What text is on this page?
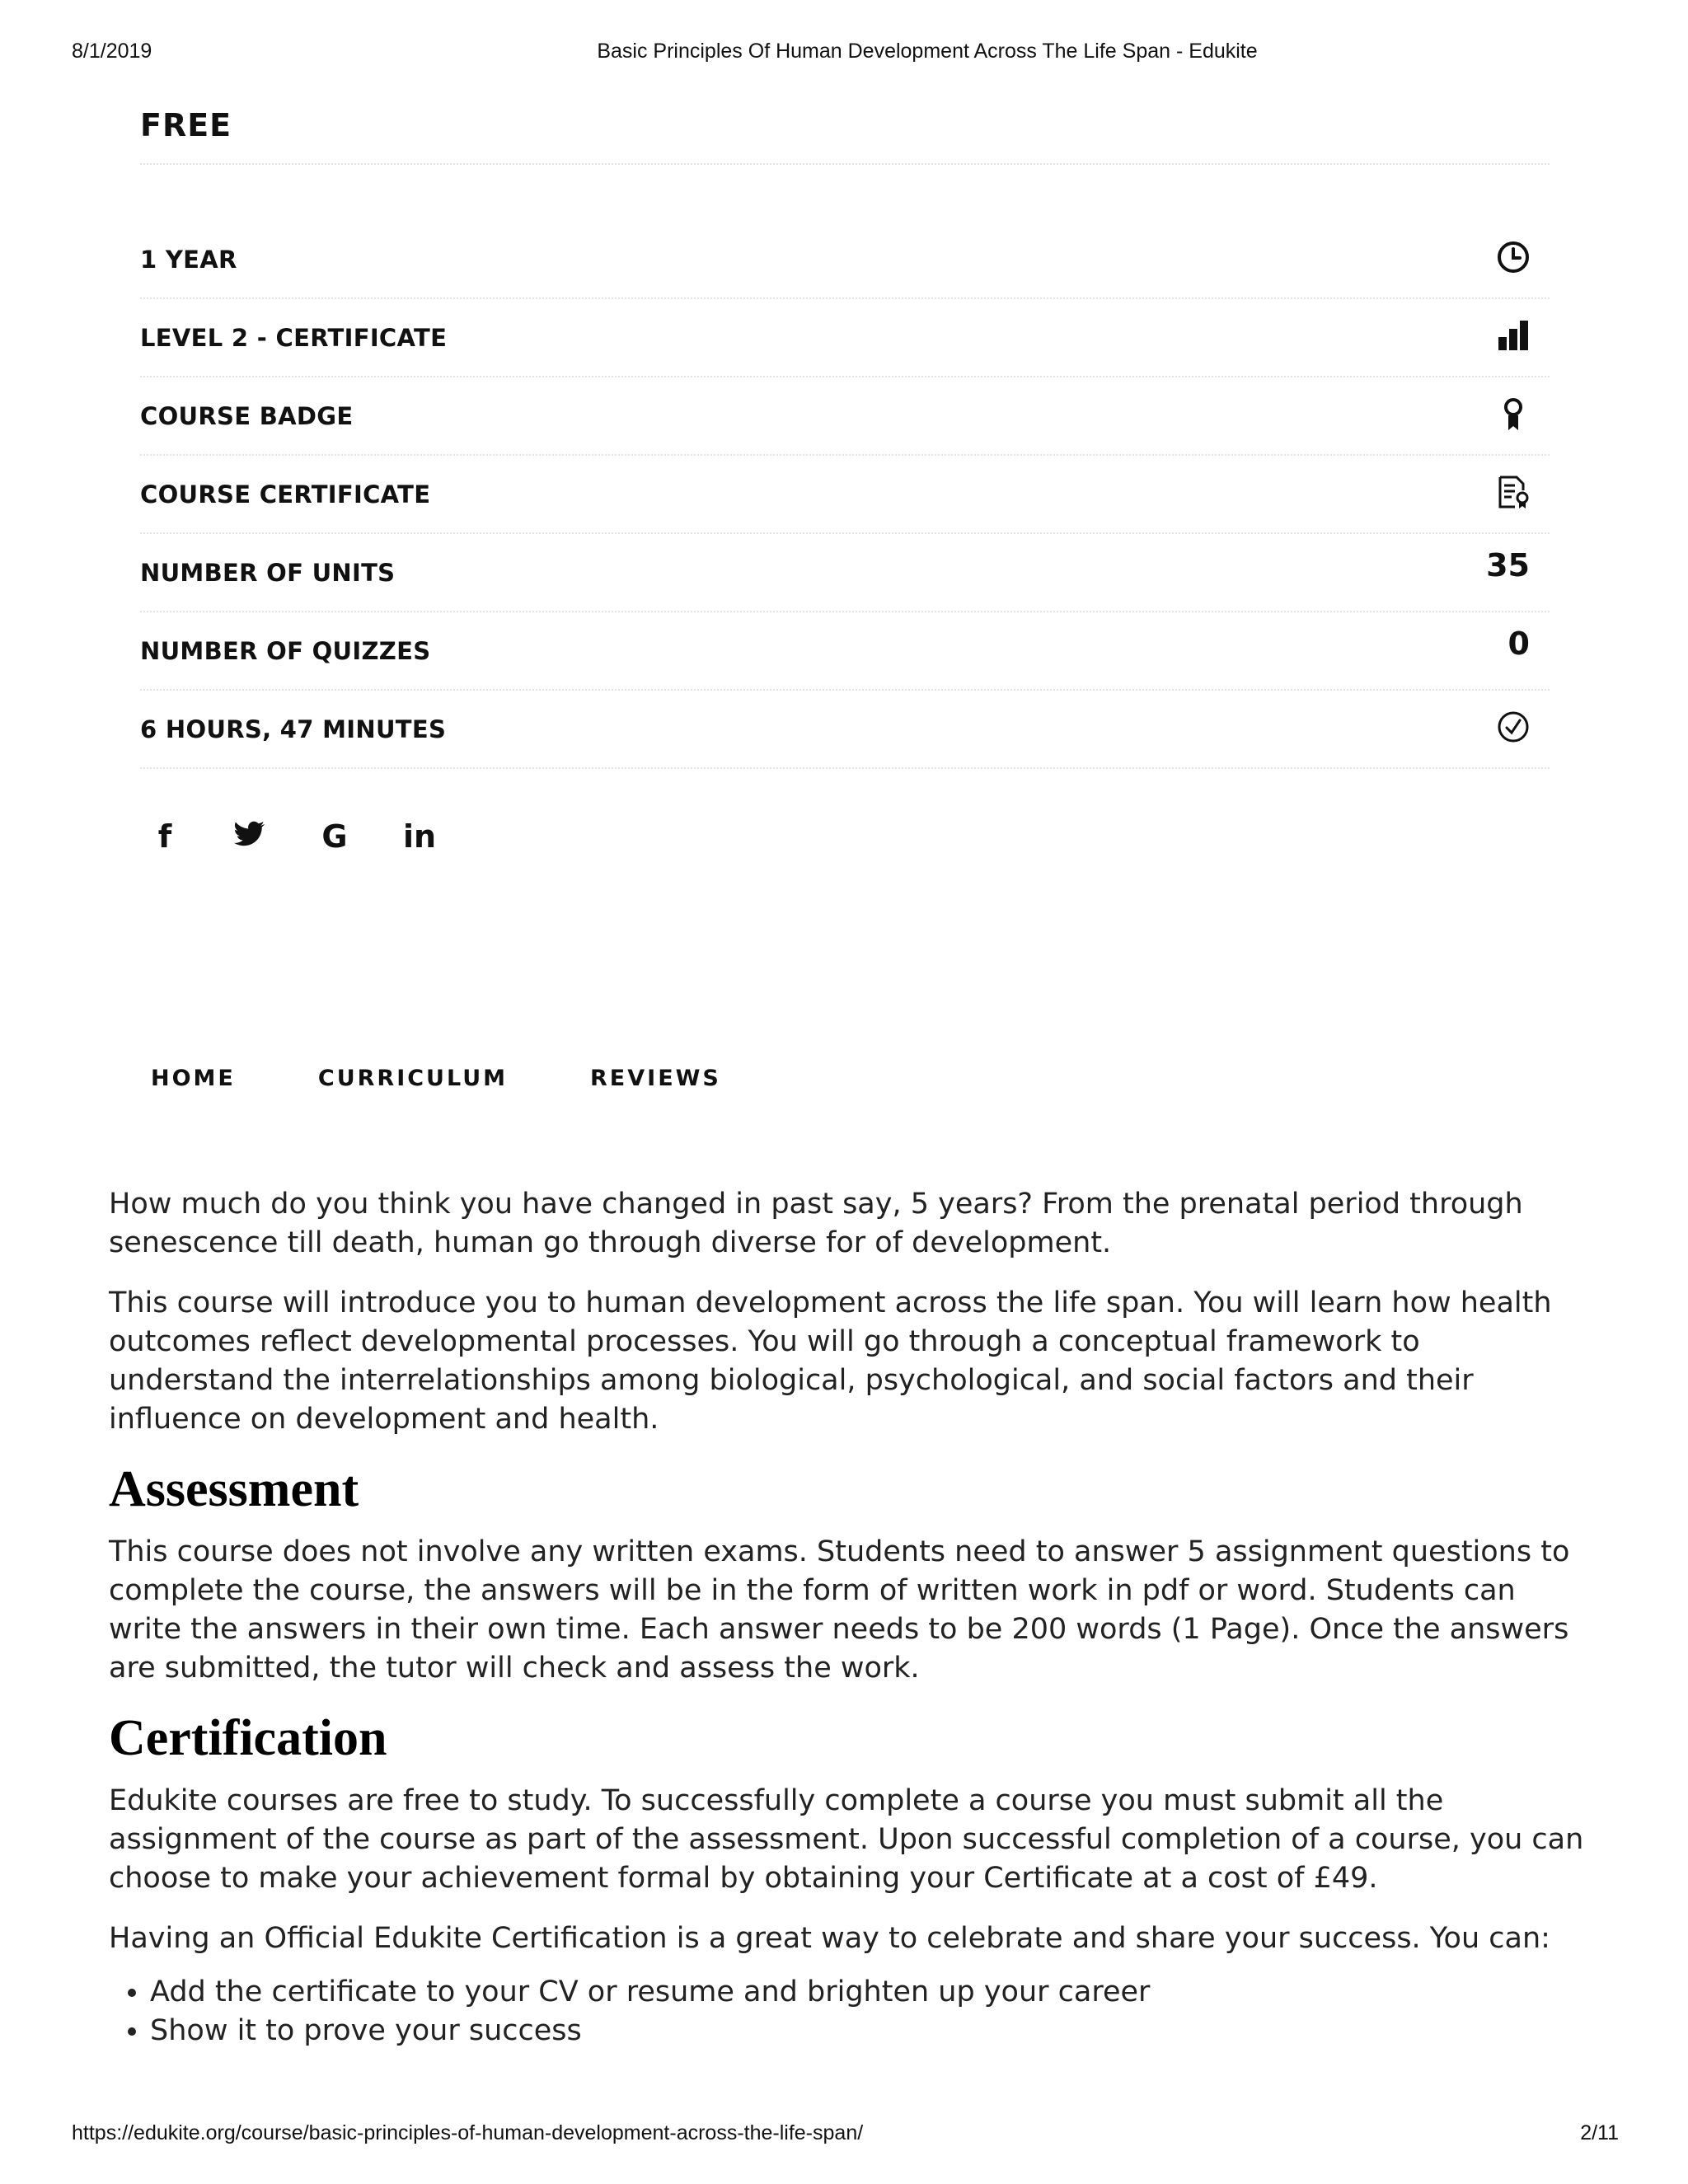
8/1/2019	Basic Principles Of Human Development Across The Life Span - Edukite
FREE
1 YEAR
LEVEL 2 - CERTIFICATE
COURSE BADGE
COURSE CERTIFICATE
NUMBER OF UNITS	35
NUMBER OF QUIZZES	0
6 HOURS, 47 MINUTES
f	G	in
HOME	CURRICULUM	REVIEWS

How much do you think you have changed in past say, 5 years? From the prenatal period through senescence till death, human go through diverse for of development.

This course will introduce you to human development across the life span. You will learn how health outcomes reflect developmental processes. You will go through a conceptual framework to understand the interrelationships among biological, psychological, and social factors and their influence on development and health.

Assessment

This course does not involve any written exams. Students need to answer 5 assignment questions to complete the course, the answers will be in the form of written work in pdf or word. Students can write the answers in their own time. Each answer needs to be 200 words (1 Page). Once the answers are submitted, the tutor will check and assess the work.

Certification

Edukite courses are free to study. To successfully complete a course you must submit all the assignment of the course as part of the assessment. Upon successful completion of a course, you can choose to make your achievement formal by obtaining your Certificate at a cost of £49.

Having an Official Edukite Certification is a great way to celebrate and share your success. You can:

• Add the certificate to your CV or resume and brighten up your career
• Show it to prove your success
https://edukite.org/course/basic-principles-of-human-development-across-the-life-span/	2/11
